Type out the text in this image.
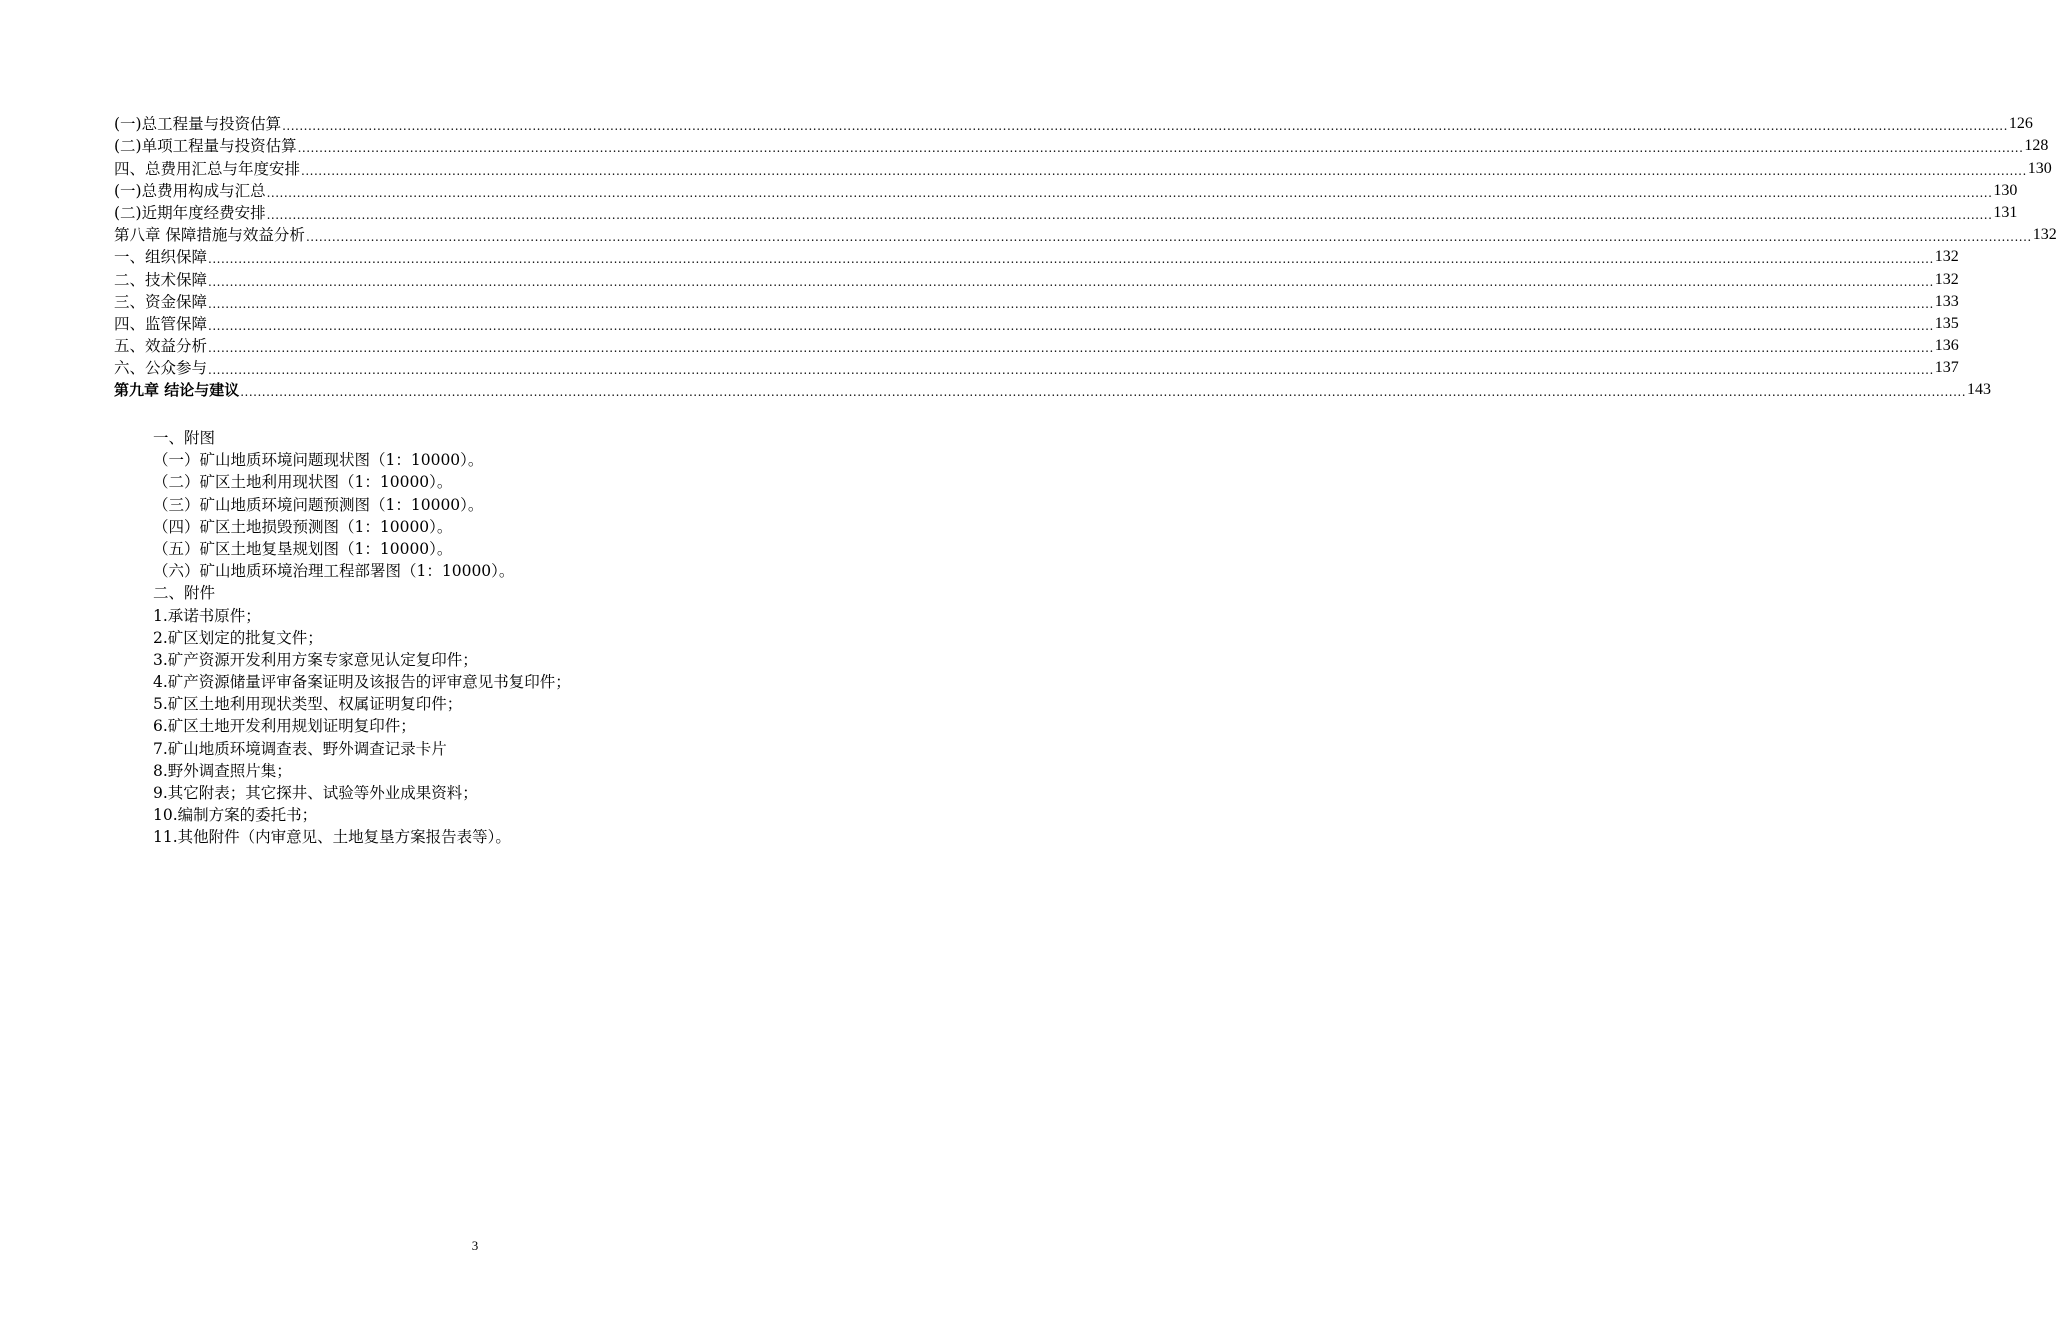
(一)总工程量与投资估算 ................................................................................................................................................................................................................................................................................................................................................................................................................ 126
(二)单项工程量与投资估算 ................................................................................................................................................................................................................................................................................................................................................................................................................ 128
四、总费用汇总与年度安排 ................................................................................................................................................................................................................................................................................................................................................................................................................ 130
(一)总费用构成与汇总 ................................................................................................................................................................................................................................................................................................................................................................................................................ 130
(二)近期年度经费安排 ................................................................................................................................................................................................................................................................................................................................................................................................................ 131
第八章 保障措施与效益分析 ................................................................................................................................................................................................................................................................................................................................................................................................................ 132
一、组织保障 ................................................................................................................................................................................................................................................................................................................................................................................................................ 132
二、技术保障 ................................................................................................................................................................................................................................................................................................................................................................................................................ 132
三、资金保障 ................................................................................................................................................................................................................................................................................................................................................................................................................ 133
四、监管保障 ................................................................................................................................................................................................................................................................................................................................................................................................................ 135
五、效益分析 ................................................................................................................................................................................................................................................................................................................................................................................................................ 136
六、公众参与 ................................................................................................................................................................................................................................................................................................................................................................................................................ 137
第九章 结论与建议 ................................................................................................................................................................................................................................................................................................................................................................................................................ 143
一、附图
（一）矿山地质环境问题现状图（1：10000）。
（二）矿区土地利用现状图（1：10000）。
（三）矿山地质环境问题预测图（1：10000）。
（四）矿区土地损毁预测图（1：10000）。
（五）矿区土地复垦规划图（1：10000）。
（六）矿山地质环境治理工程部署图（1：10000）。
二、附件
1.承诺书原件；
2.矿区划定的批复文件；
3.矿产资源开发利用方案专家意见认定复印件；
4.矿产资源储量评审备案证明及该报告的评审意见书复印件；
5.矿区土地利用现状类型、权属证明复印件；
6.矿区土地开发利用规划证明复印件；
7.矿山地质环境调查表、野外调查记录卡片
8.野外调查照片集；
9.其它附表；其它探井、试验等外业成果资料；
10.编制方案的委托书；
11.其他附件（内审意见、土地复垦方案报告表等）。
3
